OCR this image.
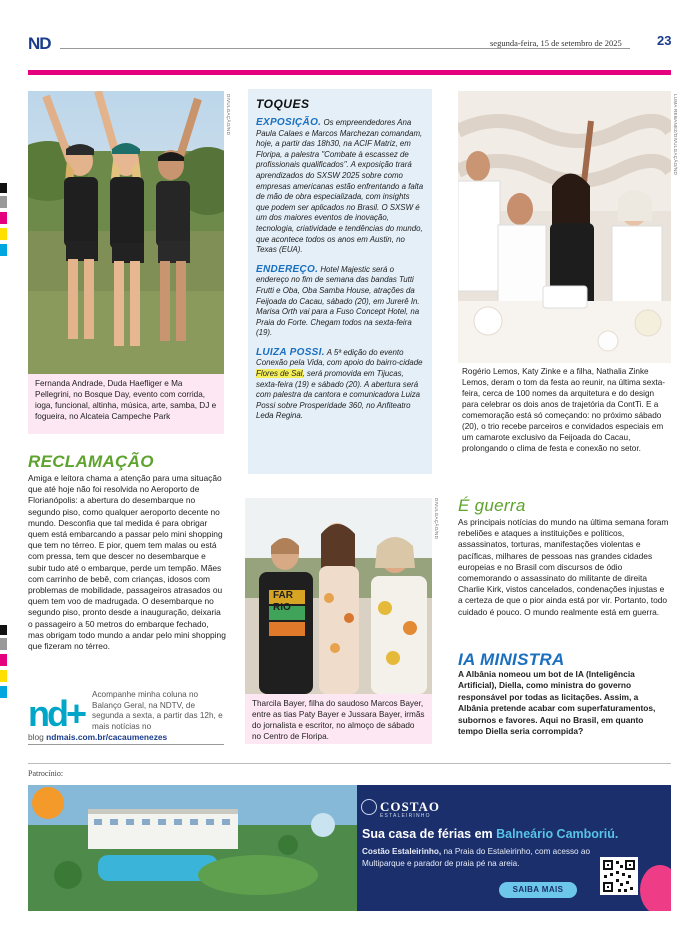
ND	segunda-feira, 15 de setembro de 2025	23
DIVULGAÇÃO/ND
Fernanda Andrade, Duda Haefliger e Ma Pellegrini, no Bosque Day, evento com corrida, ioga, funcional, altinha, música, arte, samba, DJ e fogueira, no Alcateia Campeche Park
TOQUES

EXPOSIÇÃO. Os empreendedores Ana Paula Calaes e Marcos Marchezan comandam, hoje, a partir das 18h30, na ACIF Matriz, em Floripa, a palestra "Combate à escassez de profissionais qualificados". A exposição trará aprendizados do SXSW 2025 sobre como empresas americanas estão enfrentando a falta de mão de obra especializada, com insights que podem ser aplicados no Brasil. O SXSW é um dos maiores eventos de inovação, tecnologia, criatividade e tendências do mundo, que acontece todos os anos em Austin, no Texas (EUA).

ENDEREÇO. Hotel Majestic será o endereço no fim de semana das bandas Tutti Frutti e Oba, Oba Samba House, atrações da Feijoada do Cacau, sábado (20), em Jurerê In. Marisa Orth vai para a Fuso Concept Hotel, na Praia do Forte. Chegam todos na sexta-feira (19).

LUIZA POSSI. A 5ª edição do evento Conexão pela Vida, com apoio do bairro-cidade Flores de Sal, será promovida em Tijucas, sexta-feira (19) e sábado (20). A abertura será com palestra da cantora e comunicadora Luiza Possi sobre Prosperidade 360, no Anfiteatro Leda Regina.

LUMA REBANEZ/DIVULGAÇÃO/ND
Rogério Lemos, Katy Zinke e a filha, Nathalia Zinke Lemos, deram o tom da festa ao reunir, na última sexta-feira, cerca de 100 nomes da arquitetura e do design para celebrar os dois anos de trajetória da ContTi. E a comemoração está só começando: no próximo sábado (20), o trio recebe parceiros e convidados especiais em um camarote exclusivo da Feijoada do Cacau, prolongando o clima de festa e conexão no setor.
RECLAMAÇÃO
Amiga e leitora chama a atenção para uma situação que até hoje não foi resolvida no Aeroporto de Florianópolis: a abertura do desembarque no segundo piso, como qualquer aeroporto decente no mundo. Desconfia que tal medida é para obrigar quem está embarcando a passar pelo mini shopping que tem no térreo. E pior, quem tem malas ou está com pressa, tem que descer no desembarque e subir tudo até o embarque, perde um tempão. Mães com carrinho de bebê, com crianças, idosos com problemas de mobilidade, passageiros atrasados ou quem tem voo de madrugada. O desembarque no segundo piso, pronto desde a inauguração, deixaria o passageiro a 50 metros do embarque fechado, mas obrigam todo mundo a andar pelo mini shopping que fizeram no térreo.
nd+ Acompanhe minha coluna no Balanço Geral, na NDTV, de segunda a sexta, a partir das 12h, e mais notícias no
blog ndmais.com.br/cacaumenezes
FAR RIO
DIVULGAÇÃO/ND
Tharcila Bayer, filha do saudoso Marcos Bayer, entre as tias Paty Bayer e Jussara Bayer, irmãs do jornalista e escritor, no almoço de sábado no Centro de Floripa.
É guerra
As principais notícias do mundo na última semana foram rebeliões e ataques a instituições e políticos, assassinatos, torturas, manifestações violentas e pacíficas, milhares de pessoas nas grandes cidades europeias e no Brasil com discursos de ódio comemorando o assassinato do militante de direita Charlie Kirk, vistos cancelados, condenações injustas e a certeza de que o pior ainda está por vir. Portanto, todo cuidado é pouco. O mundo realmente está em guerra.
IA MINISTRA
A Albânia nomeou um bot de IA (Inteligência Artificial), Diella, como ministra do governo responsável por todas as licitações. Assim, a Albânia pretende acabar com superfaturamentos, subornos e favores. Aqui no Brasil, em quanto tempo Diella seria corrompida?
Patrocínio:
COSTAO
ESTALEIRINHO
Sua casa de férias em Balneário Camboriú.
Costão Estaleirinho, na Praia do Estaleirinho, com acesso ao Multiparque e parador de praia pé na areia.
SAIBA MAIS
